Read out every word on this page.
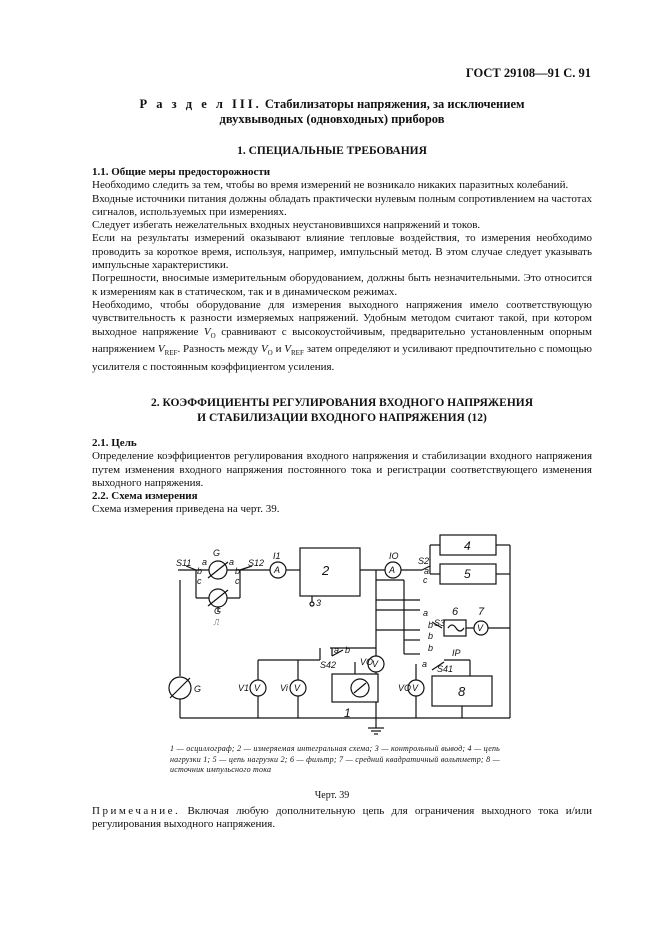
ГОСТ 29108—91 С. 91
Р а з д е л III. Стабилизаторы напряжения, за исключением
двухвыводных (одновходных) приборов
1. СПЕЦИАЛЬНЫЕ ТРЕБОВАНИЯ
1.1. Общие меры предосторожности

Необходимо следить за тем, чтобы во время измерений не возникало никаких паразитных колебаний.

Входные источники питания должны обладать практически нулевым полным сопротивлением на частотах сигналов, используемых при измерениях.

Следует избегать нежелательных входных неустановившихся напряжений и токов.

Если на результаты измерений оказывают влияние тепловые воздействия, то измерения необходимо проводить за короткое время, используя, например, импульсный метод. В этом случае следует указывать импульсные характеристики.

Погрешности, вносимые измерительным оборудованием, должны быть незначительными. Это относится к измерениям как в статическом, так и в динамическом режимах.

Необходимо, чтобы оборудование для измерения выходного напряжения имело соответствующую чувствительность к разности измеряемых напряжений. Удобным методом считают такой, при котором выходное напряжение $V_O$ сравнивают с высокоустойчивым, предварительно установленным опорным напряжением $V_{REF}$. Разность между $V_O$ и $V_{REF}$ затем определяют и усиливают предпочтительно с помощью усилителя с постоянным коэффициентом усиления.

2. КОЭФФИЦИЕНТЫ РЕГУЛИРОВАНИЯ ВХОДНОГО НАПРЯЖЕНИЯ
И СТАБИЛИЗАЦИИ ВХОДНОГО НАПРЯЖЕНИЯ (12)
2.1. Цель

Определение коэффициентов регулирования входного напряжения и стабилизации входного напряжения путем изменения входного напряжения постоянного тока и регистрации соответствующего изменения выходного напряжения.

2.2. Схема измерения

Схема измерения приведена на черт. 39.

S11	S12
G
G
⎍
a
b
c
a
b
c
I1
A	2
3
IO
A
S2
a
c
4
5
a
b
b
b
S3
6 7
V
IP
a S41
8
VO
V
VO V
b
a
S42
1
V1 V Vi V
G
1 — осциллограф; 2 — измеряемая интегральная схема; 3 — контрольный вывод; 4 — цепь нагрузки 1; 5 — цепь нагрузки 2; 6 — фильтр; 7 — средний квадратичный вольтметр; 8 — источник импульсного тока
Черт. 39
Примечание. Включая любую дополнительную цепь для ограничения выходного тока и/или регулирования выходного напряжения.
